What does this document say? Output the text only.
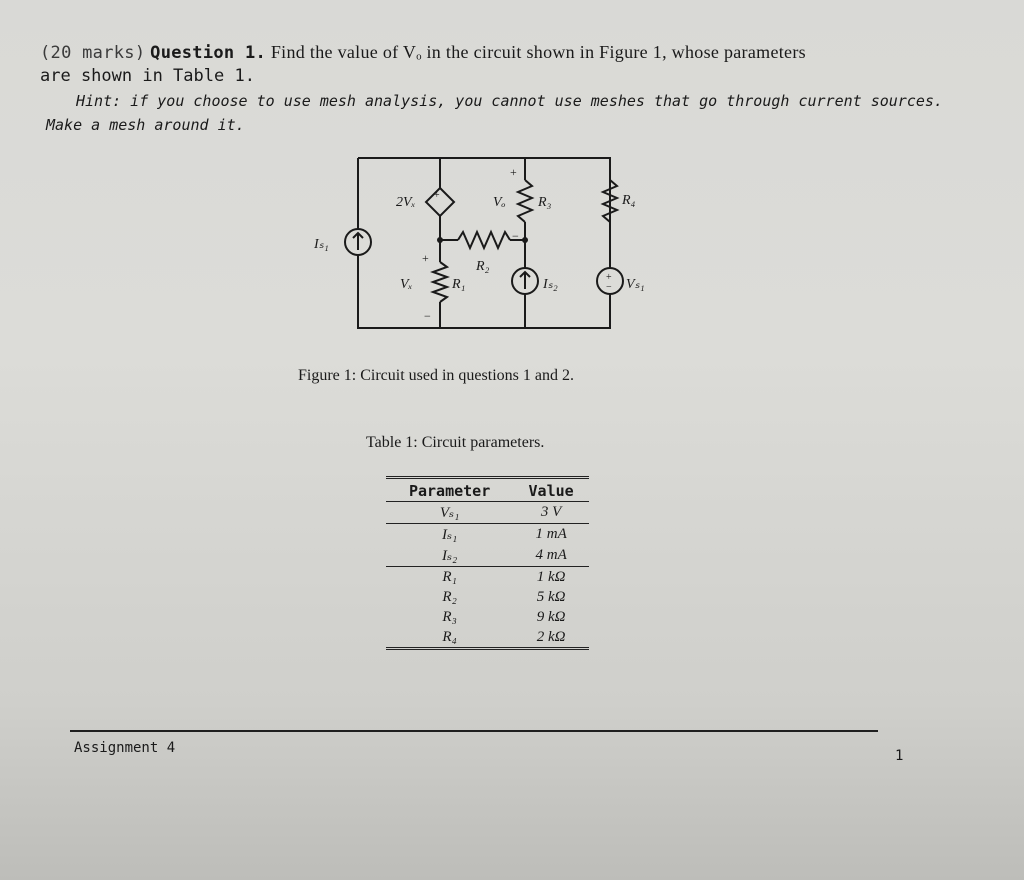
(20 marks) Question 1. Find the value of Vₒ in the circuit shown in Figure 1, whose parameters
are shown in Table 1.
Hint: if you choose to use mesh analysis, you cannot use meshes that go through current sources.
Make a mesh around it.
+
2Vₓ	R₃
Vₒ
+
−
R₄
R₂
R₁
Vₓ
+
−
Iₛ₁
Iₛ₂	+
− Vₛ₁
Figure 1: Circuit used in questions 1 and 2.
Table 1: Circuit parameters.
Parameter	Value
Vₛ₁	3 V
Iₛ₁	1 mA
Iₛ₂	4 mA
R₁	1 kΩ
R₂	5 kΩ
R₃	9 kΩ
R₄	2 kΩ
Assignment 4	1
